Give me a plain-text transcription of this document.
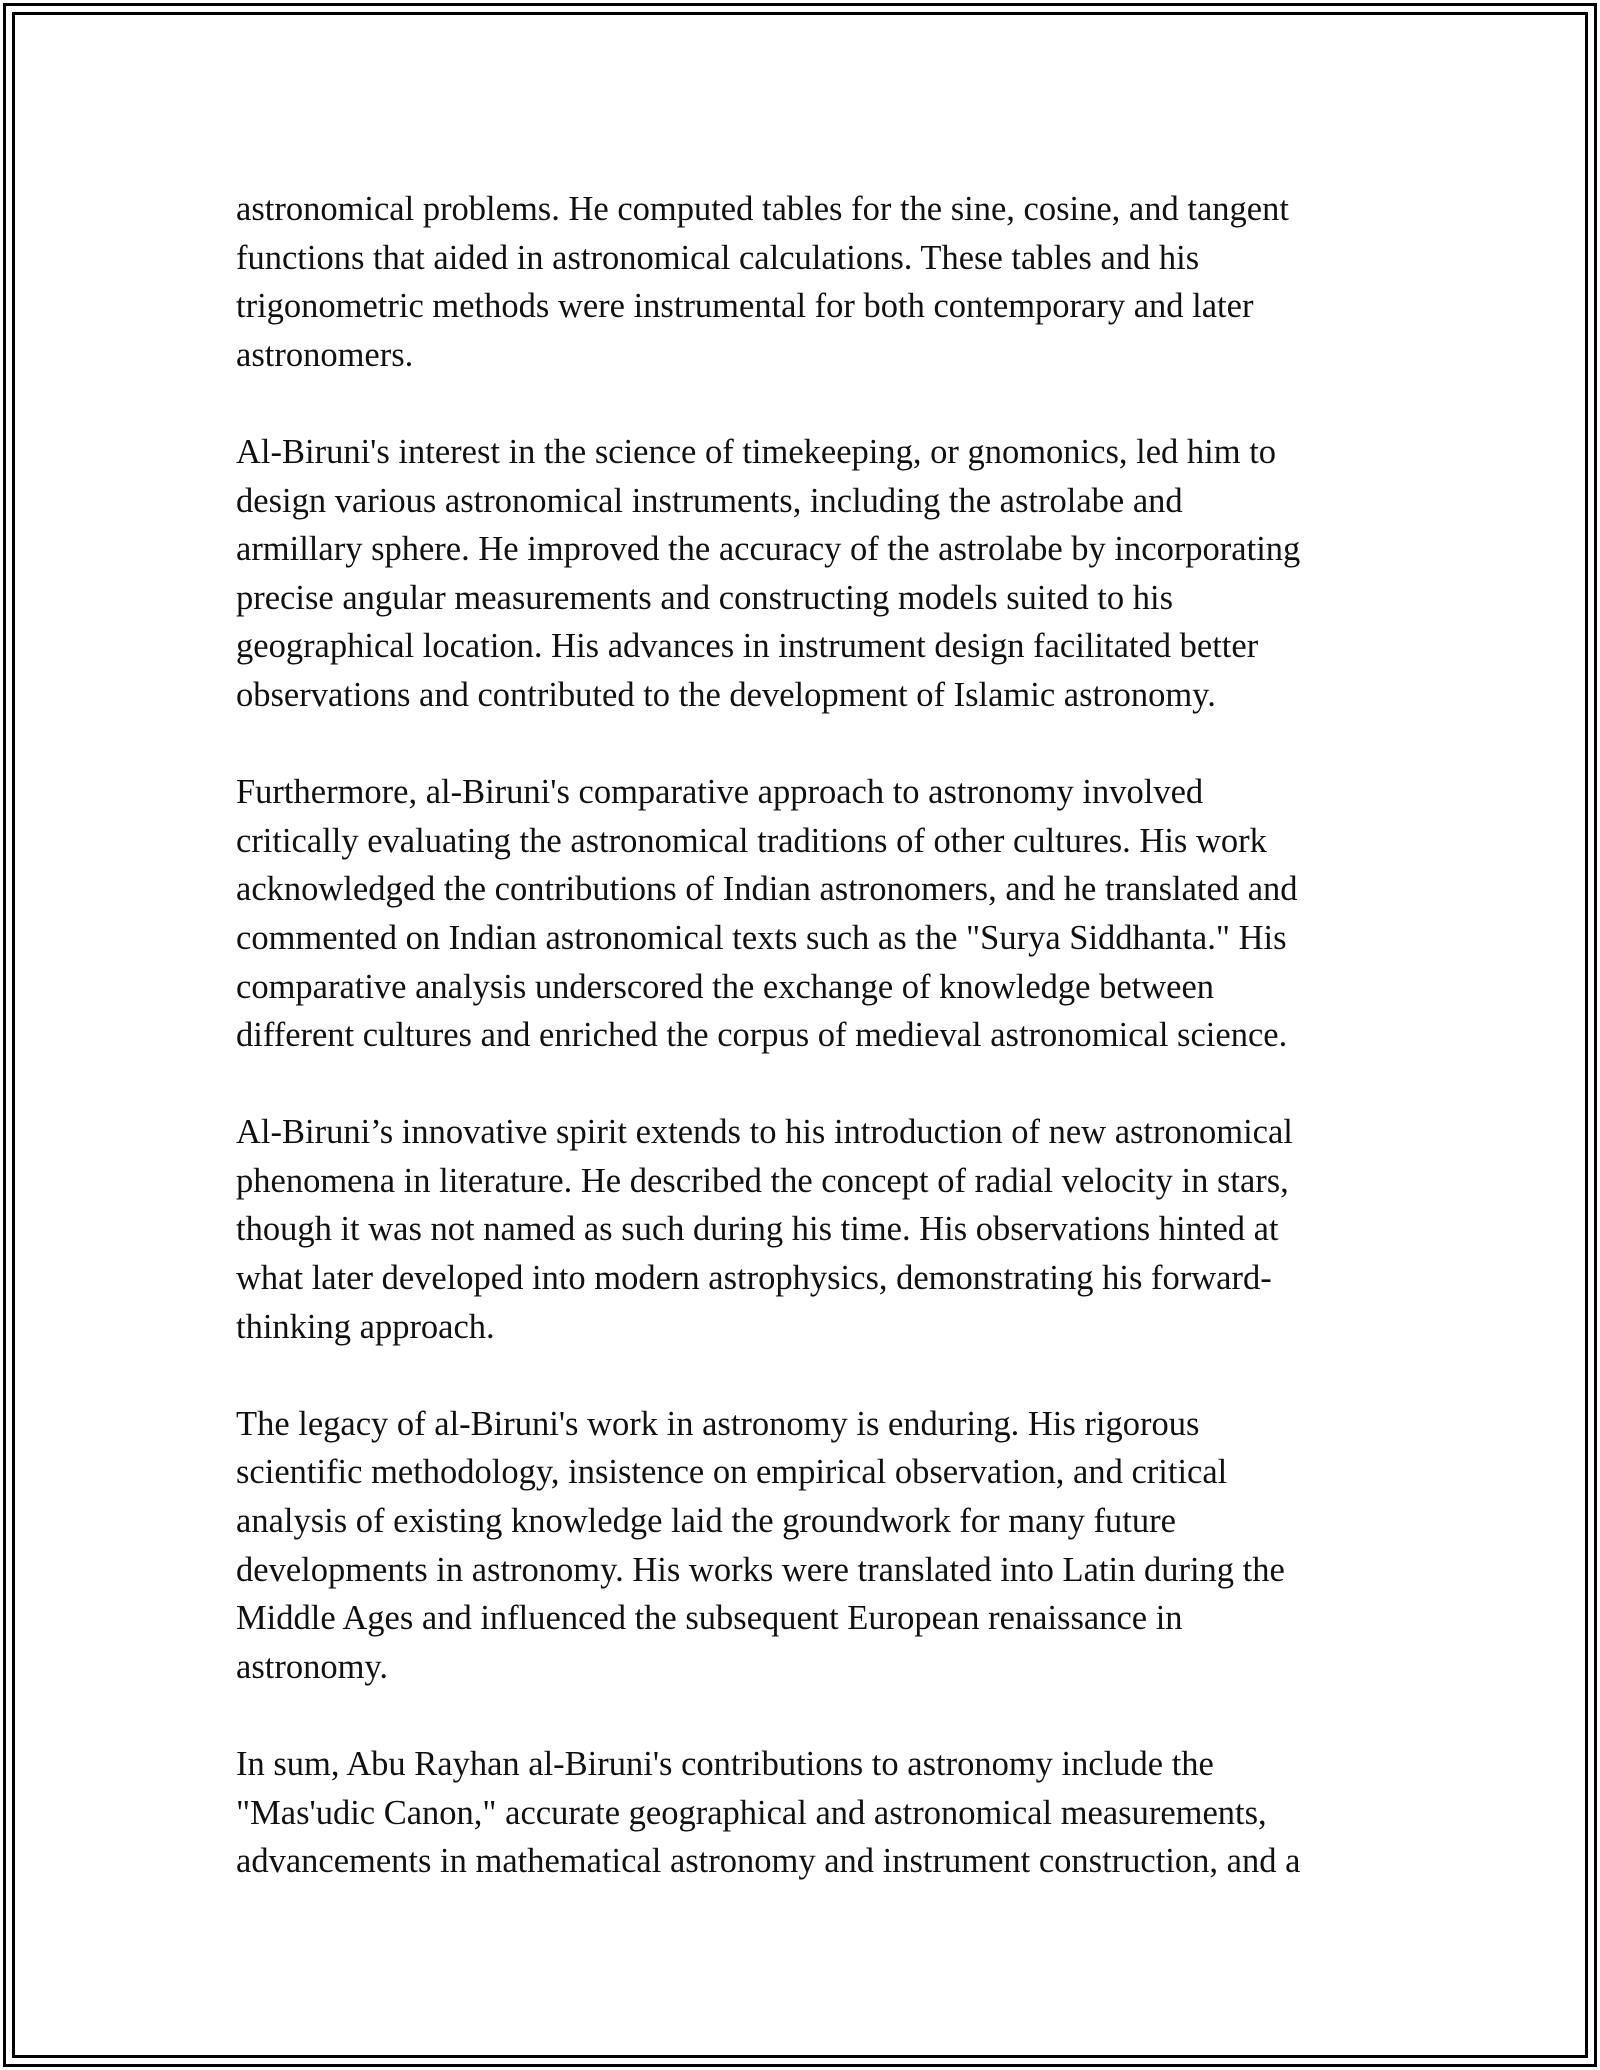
astronomical problems. He computed tables for the sine, cosine, and tangent
functions that aided in astronomical calculations. These tables and his
trigonometric methods were instrumental for both contemporary and later
astronomers.

Al-Biruni's interest in the science of timekeeping, or gnomonics, led him to
design various astronomical instruments, including the astrolabe and
armillary sphere. He improved the accuracy of the astrolabe by incorporating
precise angular measurements and constructing models suited to his
geographical location. His advances in instrument design facilitated better
observations and contributed to the development of Islamic astronomy.

Furthermore, al-Biruni's comparative approach to astronomy involved
critically evaluating the astronomical traditions of other cultures. His work
acknowledged the contributions of Indian astronomers, and he translated and
commented on Indian astronomical texts such as the "Surya Siddhanta." His
comparative analysis underscored the exchange of knowledge between
different cultures and enriched the corpus of medieval astronomical science.

Al-Biruni’s innovative spirit extends to his introduction of new astronomical
phenomena in literature. He described the concept of radial velocity in stars,
though it was not named as such during his time. His observations hinted at
what later developed into modern astrophysics, demonstrating his forward-
thinking approach.

The legacy of al-Biruni's work in astronomy is enduring. His rigorous
scientific methodology, insistence on empirical observation, and critical
analysis of existing knowledge laid the groundwork for many future
developments in astronomy. His works were translated into Latin during the
Middle Ages and influenced the subsequent European renaissance in
astronomy.

In sum, Abu Rayhan al-Biruni's contributions to astronomy include the
"Mas'udic Canon," accurate geographical and astronomical measurements,
advancements in mathematical astronomy and instrument construction, and a
